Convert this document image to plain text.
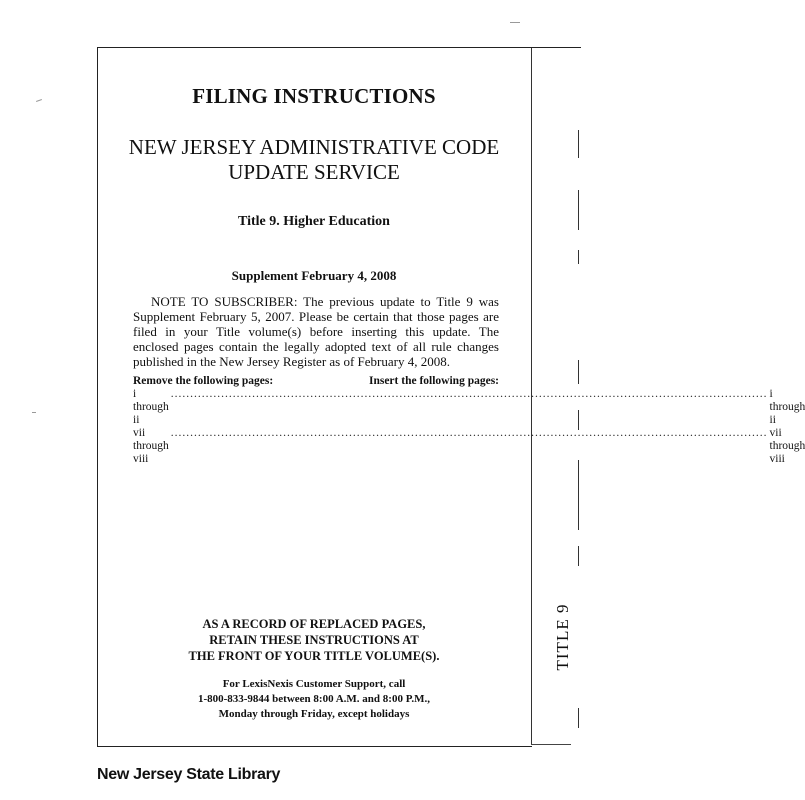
FILING INSTRUCTIONS
NEW JERSEY ADMINISTRATIVE CODE
UPDATE SERVICE
Title 9. Higher Education
Supplement February 4, 2008
NOTE TO SUBSCRIBER: The previous update to Title 9 was Supplement February 5, 2007. Please be certain that those pages are filed in your Title volume(s) before inserting this update. The enclosed pages contain the legally adopted text of all rule changes published in the New Jersey Register as of February 4, 2008.
Remove the following pages:	Insert the following pages:
i through ii
.......................................................................................................................................................... i through ii
vii through viii
.......................................................................................................................................................... vii through viii
AS A RECORD OF REPLACED PAGES,
RETAIN THESE INSTRUCTIONS AT
THE FRONT OF YOUR TITLE VOLUME(S).
For LexisNexis Customer Support, call
1-800-833-9844 between 8:00 A.M. and 8:00 P.M.,
Monday through Friday, except holidays
TITLE 9
New Jersey State Library
